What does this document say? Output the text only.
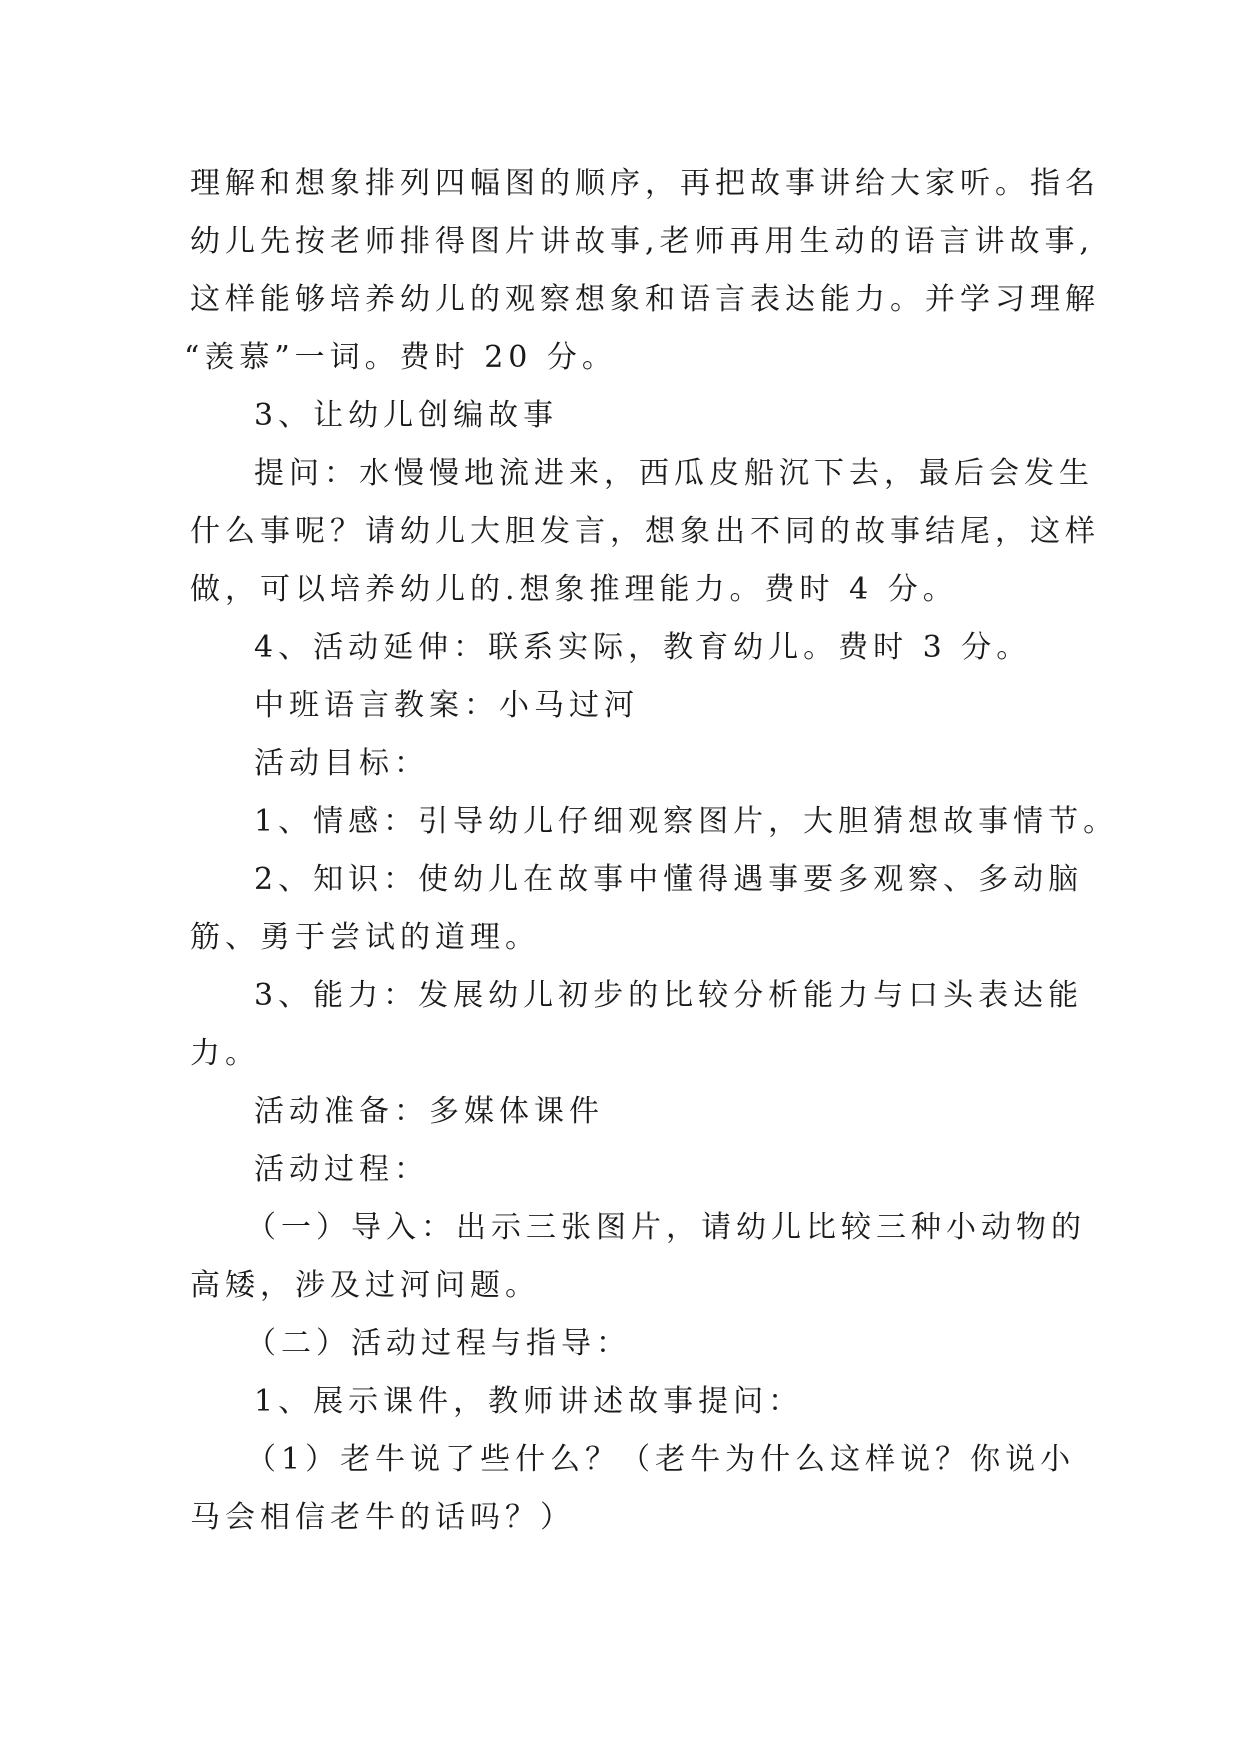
理解和想象排列四幅图的顺序，再把故事讲给大家听。指名
幼儿先按老师排得图片讲故事,老师再用生动的语言讲故事,
这样能够培养幼儿的观察想象和语言表达能力。并学习理解
“羡慕”一词。费时 20 分。
3、让幼儿创编故事
提问：水慢慢地流进来，西瓜皮船沉下去，最后会发生
什么事呢？请幼儿大胆发言，想象出不同的故事结尾，这样
做，可以培养幼儿的.想象推理能力。费时 4 分。
4、活动延伸：联系实际，教育幼儿。费时 3 分。
中班语言教案：小马过河
活动目标：
1、情感：引导幼儿仔细观察图片，大胆猜想故事情节。
2、知识：使幼儿在故事中懂得遇事要多观察、多动脑
筋、勇于尝试的道理。
3、能力：发展幼儿初步的比较分析能力与口头表达能
力。
活动准备：多媒体课件
活动过程：
（一）导入：出示三张图片，请幼儿比较三种小动物的
高矮，涉及过河问题。
（二）活动过程与指导：
1、展示课件，教师讲述故事提问：
（1）老牛说了些什么？（老牛为什么这样说？你说小
马会相信老牛的话吗？）
